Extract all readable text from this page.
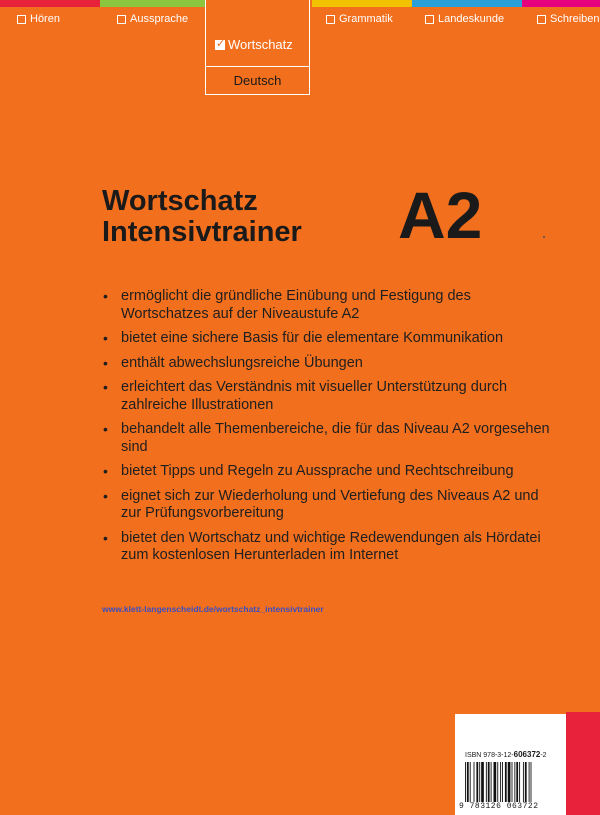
Hören	Aussprache	Grammatik	Landeskunde	Schreiben
✓
Wortschatz
Deutsch
Wortschatz
Intensivtrainer A2
• ermöglicht die gründliche Einübung und Festigung des Wortschatzes auf der Niveaustufe A2
• bietet eine sichere Basis für die elementare Kommunikation
• enthält abwechslungsreiche Übungen
• erleichtert das Verständnis mit visueller Unterstützung durch zahlreiche Illustrationen
• behandelt alle Themenbereiche, die für das Niveau A2 vorgesehen sind
• bietet Tipps und Regeln zu Aussprache und Rechtschreibung
• eignet sich zur Wiederholung und Vertiefung des Niveaus A2 und zur Prüfungsvorbereitung
• bietet den Wortschatz und wichtige Redewendungen als Hördatei zum kostenlosen Herunterladen im Internet
www.klett-langenscheidt.de/wortschatz_intensivtrainer
ISBN 978-3-12-606372-2
9 783126 063722
